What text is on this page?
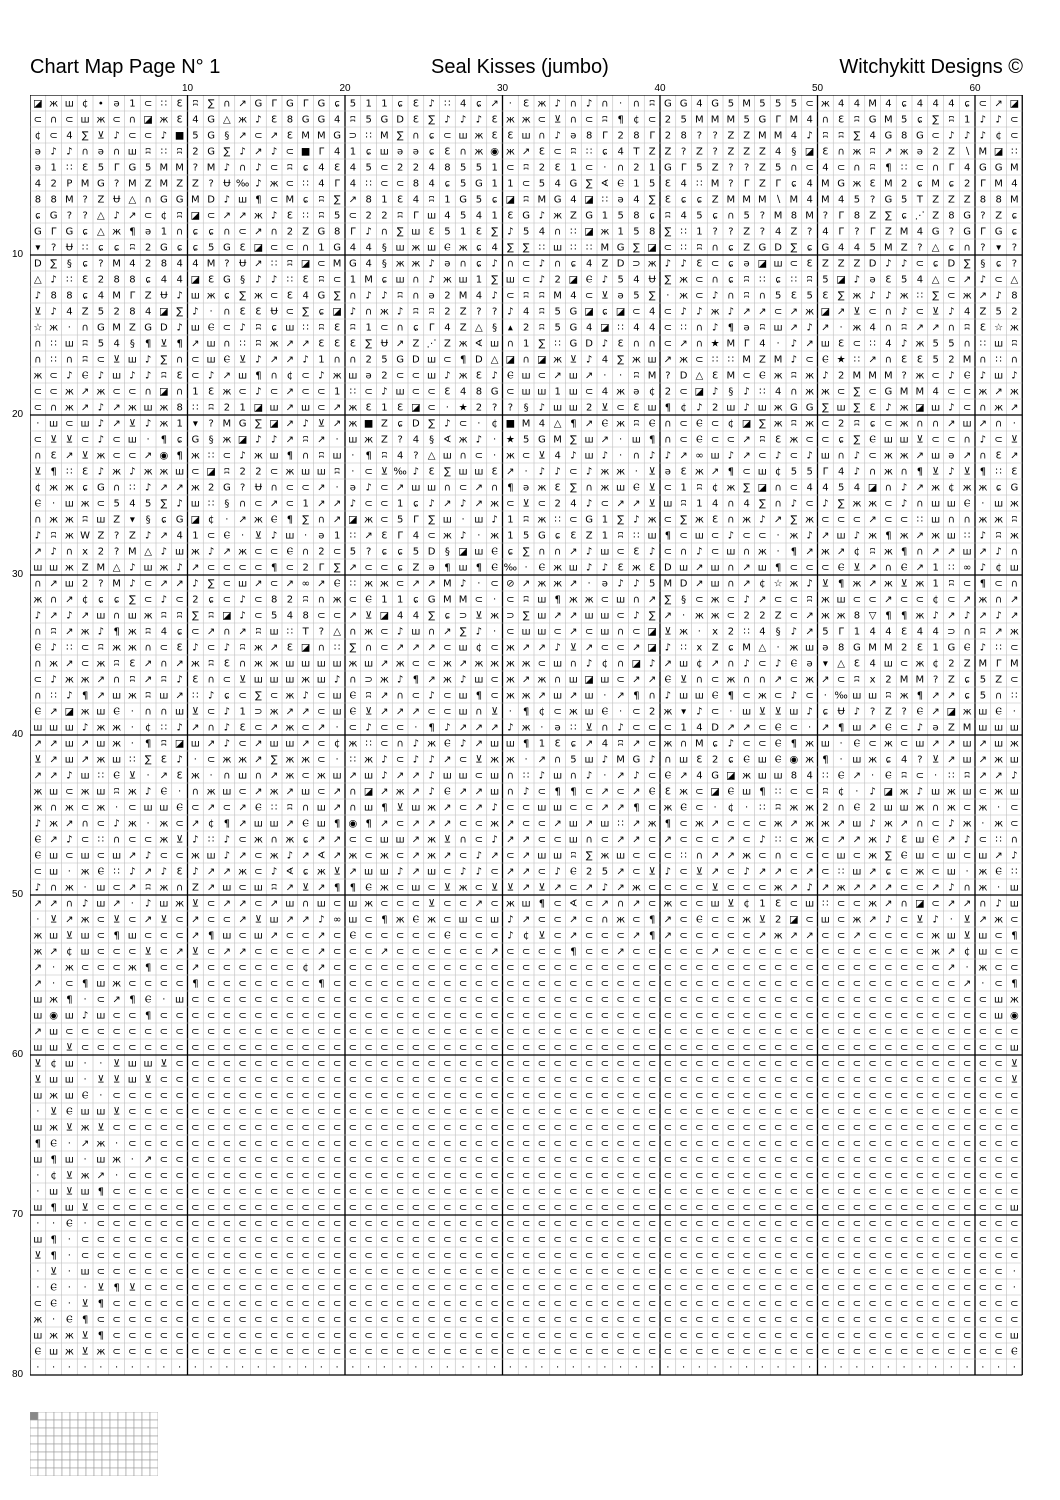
Chart Map Page N° 1	Seal Kisses (jumbo)	Witchykitt Designs ©
10	20	30	40	50	60
10
20
30
40
50
60
70
80
◪ ж ш ¢ • ə 1 ⊂ ∷ Ɛ ʭ ∑ ∩ ↗ G Γ G Γ G ɕ 5 1 1 ɕ Ɛ ♪ ∷ 4 ɕ ↗ · Ɛ ж ♪ ∩ ♪ ∩ · ∩ ʭ G G 4 G 5 M 5 5 5 ⊂ ж 4 4 M 4 ɕ 4 4 4 ɕ ⊂ ↗ ◪
⊂ ∩ ⊂ ш ж ⊂ ∩ ◪ ж Ɛ 4 G △ ж ♪ Ɛ 8 G G 4 ʭ 5 G D Ɛ ∑ ♪ ♪ ♪ Ɛ ж ж ⊂ ⊻ ∩ ⊂ ʭ ¶ ¢ ⊂ 2 5 M M M 5 G Γ M 4 ∩ Ɛ ʭ G M 5 ɕ ∑ ʭ 1 ♪ ♪ ⊂
¢ ⊂ 4 ∑ ⊻ ♪ ⊂ ⊂ ♪ ■ 5 G § ↗ ⊂ ↗ Ɛ M M G ⊃ ∷ M ∑ ∩ ɕ ⊂ ш ж Ɛ Ɛ ш ∩ ♪ ə 8 Γ 2 8 Γ 2 8 ? ? Z Z M M 4 ♪ ʭ ʭ ∑ 4 G 8 G ⊂ ♪ ♪ ♪ ¢ ⊂
ə ♪ ♪ ∩ ə ∩ ш ʭ ∷ ʭ 2 G ∑ ♪ ↗ ♪ ⊂ ■ Γ 4 1 ɕ ш ə ə ɕ Ɛ ∩ ж ◉ ж ↗ Ɛ ⊂ ʭ ∷ ɕ 4 T Z Z ? Z ? Z Z Z 4 § ◪ Ɛ ∩ ж ʭ ↗ ж ə 2 Z ∖ M ◪ ∷
ə 1 ∷ Ɛ 5 Γ G 5 M M ? M ♪ ∩ ♪ ⊂ ʭ ɕ 4 Ɛ 4 5 ⊂ 2 2 4 8 5 5 1 ⊂ ʭ 2 Ɛ 1 ⊂ · ∩ 2 1 G Γ 5 Z ? ? Z 5 ∩ ⊂ 4 ⊂ ∩ ʭ ¶ ∷ ⊂ ∩ Γ 4 G G M
4 2 P M G ? M Z M Z Z ? Ʉ ‰ ♪ ж ⊂ ∷ 4 Γ 4 ∷ ⊂ ⊂ 8 4 ɕ 5 G 1 1 ⊂ 5 4 G ∑ ∢ Ⲉ 1 5 Ɛ 4 ∷ M ? Γ Z Γ ɕ 4 M G ж Ɛ M 2 ɕ M ɕ 2 Γ M 4
8 8 M ? Z Ʉ △ ∩ G G M D ♪ ш ¶ ⊂ M ɕ ʭ ∑ ↗ 8 1 Ɛ 4 ʭ 1 G 5 ɕ ◪ ʭ M G 4 ◪ ∷ ə 4 ∑ Ɛ ɕ ɕ Z M M M ∖ M 4 M 4 5 ? G 5 T Z Z Z 8 8 M
ɕ G ? ? △ ♪ ↗ ⊂ ¢ ʭ ◪ ⊂ ↗ ↗ ж ♪ Ɛ ∷ ʭ 5 ⊂ 2 2 ʭ Γ ш 4 5 4 1 Ɛ G ♪ ж Z G 1 5 8 ɕ ʭ 4 5 ɕ ∩ 5 ? M 8 M ? Γ 8 Z ∑ ɕ ⋰ Z 8 G ? Z ɕ
G Γ G ɕ △ ж ¶ ə 1 ∩ ɕ ɕ ∩ ⊂ ↗ ∩ 2 Z G 8 Γ ♪ ∩ ∑ ш Ɛ 5 1 Ɛ ∑ ♪ 5 4 ∩ ∷ ◪ ж 1 5 8 ∑ ∷ 1 ? ? Z ? 4 Z ? 4 Γ ? Γ Z M 4 G ? G Γ G ɕ
▾ ? Ʉ ∷ ɕ ɕ ʭ 2 G ɕ ɕ 5 G Ɛ ◪ ⊂ ⊂ ∩ 1 G 4 4 § ш ж ш Ⲉ ж ɕ 4 ∑ ∑ ∷ ш ∷ ∷ M G ∑ ◪ ⊂ ∷ ʭ ∩ ɕ Z G D ∑ ɕ G 4 4 5 M Z ? △ ɕ ∩ ? ▾ ?
D ∑ § ɕ ? M 4 2 8 4 4 M ? Ʉ ↗ ∷ ʭ ◪ ⊂ M G 4 § ж ж ♪ ə ∩ ɕ ♪ ∩ ⊂ ♪ ∩ ɕ 4 Z D ⊃ ж ♪ ♪ Ɛ ⊂ ɕ ə ◪ ш ⊂ Ɛ Z Z Z D ♪ ♪ ⊂ ɕ D ∑ § ɕ ?
△ ♪ ∷ Ɛ 2 8 8 ɕ 4 4 ◪ Ɛ G § ♪ ♪ ∷ Ɛ ʭ ⊂ 1 M ɕ ш ∩ ♪ ж ш 1 ∑ ш ⊂ ♪ 2 ◪ Ⲉ ♪ 5 4 Ʉ ∑ ж ⊂ ∩ ɕ ʭ ∷ ɕ ∷ ʭ 5 ◪ ♪ ə Ɛ 5 4 △ ⊂ ↗ ♪ ⊂ △
♪ 8 8 ɕ 4 M Γ Z Ʉ ♪ ш ж ɕ ∑ ж ⊂ Ɛ 4 G ∑ ∩ ♪ ♪ ʭ ∩ ə 2 M 4 ♪ ⊂ ʭ ʭ M 4 ⊂ ⊻ ə 5 ∑ · ж ⊂ ♪ ∩ ʭ ∩ 5 Ɛ 5 Ɛ ∑ ж ♪ ♪ ж ∷ ∑ ⊂ ж ↗ ♪ 8
⊻ ♪ 4 Z 5 2 8 4 ◪ ∑ ♪ · ∩ Ɛ Ɛ Ʉ ⊂ ∑ ɕ ◪ ♪ ∩ ж ♪ ʭ ʭ 2 Z ? ? ♪ 4 ʭ 5 G ◪ ɕ ◪ ⊂ 4 ⊂ ♪ ♪ ж ♪ ↗ ↗ ⊂ ↗ ж ◪ ↗ ⊻ ⊂ ∩ ♪ ⊂ ⊻ ♪ 4 Z 5 2
☆ ж · ∩ G M Z G D ♪ ш Ⲉ ⊂ ♪ ʭ ɕ ш ∷ ʭ Ɛ ʭ 1 ⊂ ∩ ɕ Γ 4 Z △ § ▴ 2 ʭ 5 G 4 ◪ ∷ 4 4 ⊂ ∷ ∩ ♪ ¶ ə ʭ ш ↗ ♪ ↗ · ж 4 ∩ ʭ ↗ ↗ ∩ ʭ Ɛ ☆ ж
∩ ∷ ш ʭ 5 4 § ¶ ⊻ ¶ ↗ ш ∩ ∷ ʭ ж ↗ ↗ Ɛ Ɛ Ɛ ∑ Ʉ ↗ Z ⋰ Z ж ∢ ш ∩ 1 ∑ ∷ G D ♪ Ɛ ∩ ∩ ⊂ ↗ ∩ ★ M Γ 4 · ♪ ↗ ш Ɛ ⊂ ∷ 4 ♪ ж 5 5 ∩ ∷ ш ʭ
∩ ∷ ∩ ʭ ⊂ ⊻ ш ♪ ∑ ∩ ⊂ ш Ⲉ ⊻ ♪ ↗ ↗ ♪ 1 ∩ ∩ 2 5 G D ш ⊂ ¶ D △ ◪ ∩ ◪ ж ⊻ ♪ 4 ∑ ж ш ↗ ж ⊂ ∷ ∷ M Z M ♪ ⊂ Ⲉ ★ ∷ ↗ ∩ Ɛ Ɛ 5 2 M ∩ ∷ ∩
ж ⊂ ♪ Ⲉ ♪ ш ♪ ♪ ʭ Ɛ ⊂ ♪ ↗ ш ¶ ∩ ¢ ⊂ ♪ ж ш ə 2 ⊂ ⊂ ш ♪ ж Ɛ ♪ Ⲉ ш ⊂ ↗ ш ↗ · · ʭ M ? D △ Ɛ M ⊂ Ⲉ ж ʭ ж ♪ 2 M M M ? ж ⊂ ♪ Ⲉ ♪ ш ♪
⊂ ⊂ ж ↗ ж ⊂ ⊂ ∩ ◪ ∩ 1 Ɛ ж ⊂ ♪ ⊂ ↗ ⊂ ⊂ 1 ∷ ⊂ ♪ ш ⊂ ⊂ Ɛ 4 8 G ⊂ ш ш 1 ш ⊂ 4 ж ə ¢ 2 ⊂ ◪ ♪ § ♪ ∷ 4 ∩ ж ж ⊂ ∑ ⊂ G M M 4 ⊂ ⊂ ж ↗ ж
⊂ ∩ ж ↗ ♪ ↗ ж ш ж 8 ∷ ʭ 2 1 ◪ ш ↗ ш ⊂ ↗ ж Ɛ 1 Ɛ ◪ ⊂ · ★ 2 ? ? § ♪ ш ш 2 ⊻ ⊂ Ɛ ш ¶ ¢ ♪ 2 ш ♪ ш ж G G ∑ ш ∑ Ɛ ♪ ж ◪ ш ♪ ⊂ ∩ ж ↗
· ш ⊂ ш ♪ ↗ ⊻ ♪ ж 1 ▾ ? M G ∑ ◪ ↗ ♪ ⊻ ↗ ж ■ Z ɕ D ∑ ♪ ⊂ · ¢ ■ M 4 △ ¶ ↗ Ⲉ ж ʭ Ⲉ ∩ ⊂ Ⲉ ⊂ ¢ ◪ ∑ ж ʭ ж ⊂ 2 ʭ ɕ ⊂ ж ∩ ∩ ↗ ш ↗ ∩ ·
⊂ ⊻ ⊻ ⊂ ♪ ⊂ ш · ¶ ɕ G § ж ◪ ♪ ♪ ↗ ʭ ↗ · ш ж Z ? 4 § ∢ ж ♪ · ★ 5 G M ∑ ш ↗ · ш ¶ ∩ ⊂ Ⲉ ⊂ ⊂ ↗ ʭ Ɛ ж ⊂ ⊂ ɕ ∑ Ⲉ ш ш ⊻ ⊂ ⊂ ∩ ♪ ⊂ ⊻
∩ Ɛ ↗ ⊻ ж ⊂ ⊂ ↗ ◉ ¶ ж ∷ ⊂ ♪ ж ш ¶ ∩ ʭ ш · ¶ ʭ 4 ? △ ш ∩ ⊂ · ж ⊂ ⊻ 4 ♪ ш ♪ · ∩ ♪ ♪ ↗ ∞ ш ♪ ↗ ⊂ ♪ ⊂ ♪ ш ∩ ♪ ⊂ ж ж ↗ ш ə ↗ ∩ Ɛ ↗
⊻ ¶ ∷ Ɛ ♪ ж ♪ ж ж ш ⊂ ◪ ʭ 2 2 ⊂ ж ш ш ʭ · ⊂ ⊻ ‰ ♪ Ɛ ∑ ш ш Ɛ ↗ · ♪ ♪ ⊂ ♪ ж ж · ⊻ ə Ɛ ж ↗ ¶ ⊂ ш ¢ 5 5 Γ 4 ♪ ∩ ж ∩ ¶ ⊻ ♪ ⊻ ¶ ∷ Ɛ
¢ ж ж ɕ G ∩ ∷ ♪ ↗ ↗ ж 2 G ? Ʉ ∩ ⊂ ⊂ ↗ · ə ♪ ⊂ ↗ ш ш ∩ ⊂ ↗ ∩ ¶ ə ж Ɛ ∑ ∩ ж ш Ⲉ ⊻ ⊂ 1 ʭ ¢ ж ∑ ◪ ∩ ⊂ 4 4 5 4 ◪ ∩ ♪ ↗ ж ¢ ж ж ɕ G
Ⲉ · ш ж ⊂ 5 4 5 ∑ ♪ ш ∷ § ∩ ⊂ ↗ ⊂ 1 ↗ ↗ ♪ ⊂ ⊂ 1 ɕ ♪ ↗ ♪ ↗ ж ⊂ ⊻ ⊂ 2 4 ♪ ⊂ ↗ ↗ ⊻ ш ʭ 1 4 ∩ 4 ∑ ∩ ♪ ⊂ ♪ ∑ ж ж ⊂ ♪ ∩ ш ш Ⲉ · ш ж
∩ ж ж ʭ ш Z ▾ § ɕ G ◪ ¢ · ↗ ж Ⲉ ¶ ∑ ∩ ↗ ◪ ж ⊂ 5 Γ ∑ ш · ш ♪ 1 ʭ ж ∷ ⊂ G 1 ∑ ♪ ж ⊂ ∑ ж Ɛ ∩ ж ♪ ↗ ∑ ж ⊂ ⊂ ⊂ ↗ ⊂ ⊂ ∷ ш ∩ ∩ ж ж ʭ
♪ ʭ ж W Z ? Z ♪ ↗ 4 1 ⊂ Ⲉ · ⊻ ♪ ш · ə 1 ∷ ↗ Ɛ Γ 4 ⊂ ж ♪ · ж 1 5 G ɕ Ɛ Z 1 ʭ ∷ ш ¶ ⊂ ш ⊂ ♪ ⊂ ⊂ · ж ♪ ↗ ш ♪ ж ¶ ж ↗ ж ш ∷ ♪ ʭ ж
↗ ♪ ∩ x 2 ? M △ ♪ ш ж ♪ ↗ ж ⊂ ⊂ Ⲉ ∩ 2 ⊂ 5 ? ɕ ɕ 5 D § ◪ ш Ⲉ ɕ ∑ ∩ ∩ ↗ ♪ ш ⊂ Ɛ ♪ ⊂ ∩ ♪ ⊂ ш ∩ ж · ¶ ↗ ж ↗ ¢ ʭ ж ¶ ∩ ↗ ↗ ш ↗ ♪ ∩
ш ш ж Z M △ ♪ ш ж ♪ ↗ ⊂ ⊂ ⊂ ⊂ ¶ ⊂ 2 Γ ∑ ↗ ⊂ ⊂ ɕ Z ə ¶ ш ¶ Ⲉ ‰ · Ⲉ ж ш ♪ ♪ Ɛ ж Ɛ D ш ↗ ш ∩ ↗ ш ¶ ⊂ ⊂ ⊂ Ⲉ ⊻ ↗ ∩ Ⲉ ↗ 1 ∷ ∞ ♪ ¢ ш
∩ ↗ ш 2 ? M ♪ ⊂ ↗ ↗ ♪ ∑ ⊂ ш ↗ ⊂ ↗ ∞ ↗ Ⲉ ∷ ж ж ⊂ ↗ ↗ M ♪ · ⊂ ⊘ ↗ ж ж ↗ · ə ♪ ♪ 5 M D ↗ ш ∩ ↗ ¢ ☆ ж ♪ ⊻ ¶ ж ↗ ж ⊻ ж 1 ʭ ⊂ ¶ ⊂ ∩
ж ∩ ↗ ¢ ɕ ɕ ∑ ⊂ ♪ ⊂ 2 ɕ ⊂ ♪ ⊂ 8 2 ʭ ∩ ж ⊂ Ⲉ 1 1 ɕ G M M ⊂ · ⊂ ʭ ш ¶ ж ж ⊂ ш ∩ ↗ ∑ § ⊂ ж ⊂ ♪ ↗ ⊂ ⊂ ʭ ж ш ⊂ ⊂ ↗ ⊂ ⊂ ¢ ⊂ ↗ ж ∩ ↗
♪ ↗ ♪ ↗ ш ∩ ш ж ʭ ʭ ∑ ʭ ◪ ♪ ⊂ 5 4 8 ⊂ ⊂ ↗ ⊻ ◪ 4 4 ∑ ɕ ⊃ ⊻ ж ⊃ ∑ ш ↗ ↗ ш ш ⊂ ♪ ∑ ↗ · ж ж ⊂ 2 2 Z ⊂ ↗ ж ж 8 ▽ ¶ ¶ ж ♪ ↗ ♪ ↗ ♪ ↗
∩ ʭ ↗ ж ♪ ¶ ж ʭ 4 ɕ ⊂ ↗ ∩ ↗ ʭ ш ∷ T ? △ ∩ ж ⊂ ♪ ш ∩ ↗ ∑ ♪ · ⊂ ш ш ⊂ ↗ ⊂ ш ∩ ⊂ ◪ ⊻ ж · x 2 ∷ 4 § ♪ ↗ 5 Γ 1 4 4 Ɛ 4 4 ⊃ ∩ ʭ ↗ ж
Ⲉ ♪ ∷ ⊂ ʭ ж ж ∩ ⊂ Ɛ ♪ ⊂ ♪ ʭ ж ↗ Ɛ ◪ ∩ ∷ ∑ ∩ ⊂ ↗ ↗ ↗ ⊂ ш ¢ ⊂ ж ↗ ↗ ♪ ⊻ ↗ ⊂ ⊂ ↗ ◪ ♪ ∷ x Z ɕ M △ · ж ш ə 8 G M M 2 Ɛ 1 G Ⲉ ♪ ∷ ⊂
∩ ж ↗ ⊂ ж ʭ Ɛ ↗ ∩ ↗ ж ʭ Ɛ ∩ ж ж ш ш ш ш ж ш ↗ ж ⊂ ⊂ ж ↗ ж ж ж ж ⊂ ш ∩ ♪ ¢ ∩ ◪ ♪ ↗ ш ¢ ↗ ∩ ♪ ⊂ ♪ Ⲉ ə ▾ △ Ɛ 4 ш ⊂ ж ¢ 2 Z M Γ M
⊂ ♪ ж ж ↗ ∩ ʭ ↗ ʭ ♪ Ɛ ∩ ⊂ ⊻ ш ш ш ж ш ♪ ∩ ⊃ ж ♪ ¶ ↗ ж ♪ ш ⊂ ж ↗ ж ∩ ш ◪ ш ⊂ ↗ ↗ Ⲉ ⊻ ∩ ⊂ ж ∩ ∩ ↗ ⊂ ж ↗ ⊂ ʭ x 2 M M ? Z ɕ 5 Z ⊂
∩ ∷ ♪ ¶ ↗ ш ж ʭ ш ↗ ∷ ♪ ɕ ⊂ ∑ ⊂ ж ♪ ⊂ ш Ⲉ ʭ ↗ ∩ ⊂ ♪ ⊂ ш ¶ ⊂ ж ж ↗ ш ↗ ш · ↗ ¶ ∩ ♪ ш ш Ⲉ ¶ ⊂ ж ⊂ ♪ ⊂ · ‰ ш ш ʭ ж ¶ ↗ ↗ ɕ 5 ∩ ∷
Ⲉ ↗ ◪ ж ш Ⲉ · ∩ ∩ ш ⊻ ⊂ ♪ 1 ⊃ ж ↗ ↗ ⊂ ш Ⲉ ⊻ ↗ ↗ ↗ ⊂ ⊂ ш ∩ ⊻ · ¶ ¢ ⊂ ж ш Ⲉ · ⊂ 2 ж ▾ ♪ ⊂ · ш ⊻ ⊻ ш ♪ ɕ Ʉ ♪ ? Z ? Ⲉ ↗ ◪ ж ш Ⲉ ·
ш ш ш ♪ ж ж · ¢ ∷ ♪ ↗ ∩ ♪ Ɛ ⊂ ↗ ж ⊂ ↗ · ⊂ ♪ ⊂ ⊂ · ¶ ♪ ↗ ↗ ↗ ♪ ж · ə ∷ ⊻ ∩ ♪ ⊂ ⊂ ⊂ 1 4 D ↗ ↗ ⊂ Ⲉ ⊂ · ↗ ¶ ш ↗ Ⲉ ⊂ ♪ ə Z M ш ш ш
↗ ↗ ш ↗ ш ж · ¶ ʭ ◪ ш ↗ ♪ ⊂ ↗ ш ш ↗ ⊂ ¢ ж ∷ ⊂ ∩ ♪ ж Ⲉ ♪ ↗ ш ш ¶ 1 Ɛ ɕ ↗ 4 ʭ ↗ ⊂ ж ∩ M ɕ ♪ ⊂ ⊂ Ⲉ ¶ ж ш · Ⲉ ⊂ ж ⊂ ш ↗ ↗ ш ↗ ш ж
⊻ ↗ ш ↗ ж ш ∷ ∑ Ɛ ♪ · ⊂ ж ж ↗ ∑ ж ж ⊂ · ∷ ж ♪ ⊂ ♪ ♪ ↗ ⊂ ⊻ ж ж · ↗ ∩ 5 ш ♪ M G ♪ ∩ ш Ɛ 2 ɕ Ⲉ ш Ⲉ ◉ ж ¶ · ш ж ɕ 4 ? ⊻ ↗ ш ↗ ж ш
↗ ↗ ♪ ш ∷ Ⲉ ⊻ · ↗ Ɛ ж · ∩ ш ∩ ↗ ж ⊂ ж ш ↗ ш ♪ ↗ ↗ ♪ ш ш ⊂ ш ∩ ∷ ♪ ш ∩ ♪ · ↗ ♪ ⊂ Ⲉ ↗ 4 G ◪ ж ш ш 8 4 ∷ Ⲉ ↗ · Ⲉ ʭ ⊂ · ∷ ʭ ↗ ↗ ♪
ж ш ⊂ ж ш ʭ ж ♪ Ⲉ · ∩ ж ш ⊂ ↗ ж ↗ ш ⊂ ↗ ∩ ◪ ↗ ж ↗ ♪ Ⲉ ↗ ↗ ш ∩ ♪ ⊂ ¶ ¶ ⊂ ↗ ⊂ ↗ Ⲉ Ɛ ж ⊂ ◪ Ⲉ ш ¶ ∷ ⊂ ⊂ ʭ ¢ · ♪ ◪ ж ♪ ш ж ш ⊂ ж ш
ж ∩ ж ⊂ ж · ⊂ ш ш Ⲉ ⊂ ↗ ⊂ ↗ Ⲉ ∷ ʭ ∩ ш ↗ ∩ ш ¶ ⊻ ш ж ↗ ⊂ ↗ ♪ ⊂ ⊂ ш ш ⊂ ⊂ ↗ ↗ ¶ ⊂ ж Ⲉ ⊂ · ¢ · ∷ ʭ ж ж 2 ∩ Ⲉ 2 ш ш ж ∩ ж ⊂ ж · ⊂
♪ ж ↗ ∩ ⊂ ♪ ж · ж ⊂ ↗ ¢ ¶ ↗ ш ш ↗ Ⲉ ш ¶ ◉ ¶ ↗ ⊂ ↗ ↗ ↗ ⊂ ⊂ ж ↗ ⊂ ⊂ ↗ ш ↗ ш ∷ ↗ ж ¶ ⊂ ж ↗ ⊂ ⊂ ⊂ ж ↗ ж ж ↗ ш ♪ ж ↗ ∩ ⊂ ♪ ж · ж ⊂
Ⲉ ↗ ♪ ⊂ ∷ ∩ ⊂ ⊂ ж ⊻ ♪ ∷ ♪ ⊂ ж ∩ ж ɕ ↗ ↗ ⊂ ⊂ ш ш ↗ ж ⊻ ∩ ⊂ ♪ ↗ ↗ ⊂ ⊂ ш ∩ ⊂ ↗ ↗ ⊂ ↗ ⊂ ⊂ ⊂ ↗ ⊂ ♪ ∷ ⊂ ж ⊂ ↗ ↗ ж ♪ Ɛ ш Ⲉ ↗ ♪ ⊂ ∷ ∩
Ⲉ ш ⊂ ш ⊂ ш ↗ ♪ ⊂ ⊂ ж ш ♪ ↗ ⊂ ж ♪ ↗ ∢ ↗ ж ⊂ ж ⊂ ↗ ж ↗ ⊂ ♪ ↗ ⊂ ↗ ш ш ʭ ∑ ж ш ⊂ ⊂ ⊂ ∷ ∩ ↗ ↗ ж ⊂ ∩ ⊂ ⊂ ⊂ ш ⊂ ж ∑ Ⲉ ш ⊂ ш ⊂ ш ↗ ♪
⊂ ш · ж Ⲉ ∷ ♪ ↗ ♪ Ɛ ♪ ↗ ↗ ж ⊂ ♪ ∢ ɕ ж ⊻ ↗ ш ш ♪ ↗ ш ⊂ ♪ ♪ ⊂ ↗ ↗ ⊂ ♪ Ⲉ 2 5 ↗ ⊂ ⊻ ♪ ⊂ ⊻ ↗ ⊂ ♪ ↗ ↗ ⊂ ↗ ⊂ ∷ ш ↗ ɕ ⊂ ж ⊂ ш · ж Ⲉ ∷
♪ ∩ ж · ш ⊂ ↗ ʭ ж ∩ Z ↗ ш ⊂ ш ʭ ↗ ⊻ ↗ ¶ ¶ Ⲉ ж ⊂ ш ⊂ ⊻ ж ⊂ ⊻ ⊻ ↗ ⊻ ↗ ⊂ ↗ ♪ ↗ ж ⊂ ⊂ ⊂ ⊂ ⊻ ⊂ ⊂ ⊂ ж ↗ ♪ ↗ ж ↗ ↗ ↗ ⊂ ⊂ ↗ ♪ ∩ ж · ш
↗ ↗ ∩ ♪ ш ↗ · ♪ ш ж ⊻ ⊂ ↗ ↗ ⊂ ↗ ш ∩ ш ⊂ ш ж ⊂ ⊂ ⊂ ⊻ ⊂ ⊂ ↗ ⊂ ж ш ¶ ⊂ ∢ ⊂ ↗ ∩ ↗ ⊂ ж ⊂ ⊂ ш ⊻ ¢ 1 Ɛ ⊂ ш ∷ ⊂ ⊂ ж ↗ ∩ ◪ ⊂ ↗ ↗ ∩ ♪ ш
· ⊻ ↗ ж ⊂ ⊻ ⊂ ↗ ⊻ ⊂ ↗ ⊂ ⊂ ↗ ⊻ ш ↗ ↗ ♪ ∞ ш ⊂ ¶ ж Ⲉ ж ⊂ ш ⊂ ш ♪ ↗ ⊂ ⊂ ↗ ⊂ ∩ ж ⊂ ¶ ↗ ⊂ Ⲉ ⊂ ⊂ ж ⊻ 2 ◪ ⊂ ш ⊂ ж ↗ ♪ ⊂ ⊻ ♪ · ⊻ ↗ ж ⊂
ж ш ⊻ ш ⊂ ¶ ш ⊂ ⊂ ⊂ ↗ ¶ ш ⊂ ш ↗ ⊂ ⊂ ↗ ⊂ Ⲉ ⊂ ⊂ ⊂ ⊂ ⊂ Ⲉ ⊂ ⊂ ⊂ ♪ ¢ ⊻ ⊂ ↗ ⊂ ⊂ ⊂ ↗ ¶ ↗ ⊂ ⊂ ⊂ ⊂ ⊂ ↗ ж ↗ ↗ ⊂ ⊂ ↗ ⊂ ⊂ ⊂ ⊂ ж ш ⊻ ш ⊂ ¶
ж ↗ ¢ ш ⊂ ⊂ ⊂ ⊻ ⊂ ↗ ⊻ ⊂ ↗ ↗ ⊂ ⊂ ⊂ ⊂ ↗ ⊂ ⊂ ⊂ ↗ ⊂ ⊂ ⊂ ⊂ ⊂ ⊂ ↗ ⊂ ⊂ ⊂ ⊂ ¶ ⊂ ⊂ ↗ ⊂ ⊂ ⊂ ⊂ ⊂ ↗ ⊂ ⊂ ⊂ ⊂ ⊂ ⊂ ⊂ ⊂ ⊂ ⊂ ⊂ ⊂ ⊂ ж ↗ ¢ ш ⊂ ⊂
↗ · ж ⊂ ⊂ ⊂ ж ¶ ⊂ ⊂ ↗ ⊂ ⊂ ⊂ ⊂ ⊂ ⊂ ¢ ↗ ⊂ ⊂ ⊂ ⊂ ⊂ ⊂ ⊂ ⊂ ⊂ ⊂ ⊂ ⊂ ⊂ ⊂ ⊂ ⊂ ⊂ ⊂ ⊂ ⊂ ⊂ ⊂ ⊂ ⊂ ⊂ ⊂ ⊂ ⊂ ⊂ ⊂ ⊂ ⊂ ⊂ ⊂ ⊂ ⊂ ⊂ ⊂ ⊂ ↗ · ж ⊂ ⊂
↗ · ⊂ ¶ ш ж ⊂ ⊂ ⊂ ⊂ ¶ ⊂ ⊂ ⊂ ⊂ ⊂ ⊂ ⊂ ¶ ⊂ ⊂ ⊂ ⊂ ⊂ ⊂ ⊂ ⊂ ⊂ ⊂ ⊂ ⊂ ⊂ ⊂ ⊂ ⊂ ⊂ ⊂ ⊂ ⊂ ⊂ ⊂ ⊂ ⊂ ⊂ ⊂ ⊂ ⊂ ⊂ ⊂ ⊂ ⊂ ⊂ ⊂ ⊂ ⊂ ⊂ ⊂ ⊂ ⊂ ↗ · ⊂ ¶
ш ж ¶ · ⊂ ↗ ¶ Ⲉ · ш ⊂ ⊂ ⊂ ⊂ ⊂ ⊂ ⊂ ⊂ ⊂ ⊂ ⊂ ⊂ ⊂ ⊂ ⊂ ⊂ ⊂ ⊂ ⊂ ⊂ ⊂ ⊂ ⊂ ⊂ ⊂ ⊂ ⊂ ⊂ ⊂ ⊂ ⊂ ⊂ ⊂ ⊂ ⊂ ⊂ ⊂ ⊂ ⊂ ⊂ ⊂ ⊂ ⊂ ⊂ ⊂ ⊂ ⊂ ⊂ ⊂ ⊂ ⊂ ш ж
ш ◉ ш ♪ ш ⊂ ⊂ ¶ ⊂ ⊂ ⊂ ⊂ ⊂ ⊂ ⊂ ⊂ ⊂ ⊂ ⊂ ⊂ ⊂ ⊂ ⊂ ⊂ ⊂ ⊂ ⊂ ⊂ ⊂ ⊂ ⊂ ⊂ ⊂ ⊂ ⊂ ⊂ ⊂ ⊂ ⊂ ⊂ ⊂ ⊂ ⊂ ⊂ ⊂ ⊂ ⊂ ⊂ ⊂ ⊂ ⊂ ⊂ ⊂ ⊂ ⊂ ⊂ ⊂ ⊂ ⊂ ⊂ ⊂ ш ◉
↗ ш ⊂ ⊂ ⊂ ⊂ ⊂ ⊂ ⊂ ⊂ ⊂ ⊂ ⊂ ⊂ ⊂ ⊂ ⊂ ⊂ ⊂ ⊂ ⊂ ⊂ ⊂ ⊂ ⊂ ⊂ ⊂ ⊂ ⊂ ⊂ ⊂ ⊂ ⊂ ⊂ ⊂ ⊂ ⊂ ⊂ ⊂ ⊂ ⊂ ⊂ ⊂ ⊂ ⊂ ⊂ ⊂ ⊂ ⊂ ⊂ ⊂ ⊂ ⊂ ⊂ ⊂ ⊂ ⊂ ⊂ ⊂ ⊂ ⊂ ⊂ ⊂
ш ш ⊻ ⊂ ⊂ ⊂ ⊂ ⊂ ⊂ ⊂ ⊂ ⊂ ⊂ ⊂ ⊂ ⊂ ⊂ ⊂ ⊂ ⊂ ⊂ ⊂ ⊂ ⊂ ⊂ ⊂ ⊂ ⊂ ⊂ ⊂ ⊂ ⊂ ⊂ ⊂ ⊂ ⊂ ⊂ ⊂ ⊂ ⊂ ⊂ ⊂ ⊂ ⊂ ⊂ ⊂ ⊂ ⊂ ⊂ ⊂ ⊂ ⊂ ⊂ ⊂ ⊂ ⊂ ⊂ ⊂ ⊂ ⊂ ⊂ ⊂ ш
⊻ ¢ ш · · ⊻ ш ш ⊻ ⊂ ⊂ ⊂ ⊂ ⊂ ⊂ ⊂ ⊂ ⊂ ⊂ ⊂ ⊂ ⊂ ⊂ ⊂ ⊂ ⊂ ⊂ ⊂ ⊂ ⊂ ⊂ ⊂ ⊂ ⊂ ⊂ ⊂ ⊂ ⊂ ⊂ ⊂ ⊂ ⊂ ⊂ ⊂ ⊂ ⊂ ⊂ ⊂ ⊂ ⊂ ⊂ ⊂ ⊂ ⊂ ⊂ ⊂ ⊂ ⊂ ⊂ ⊂ ⊂ ⊂ ⊻
⊻ ш ш · ⊻ ⊻ ш ⊻ ⊂ ⊂ ⊂ ⊂ ⊂ ⊂ ⊂ ⊂ ⊂ ⊂ ⊂ ⊂ ⊂ ⊂ ⊂ ⊂ ⊂ ⊂ ⊂ ⊂ ⊂ ⊂ ⊂ ⊂ ⊂ ⊂ ⊂ ⊂ ⊂ ⊂ ⊂ ⊂ ⊂ ⊂ ⊂ ⊂ ⊂ ⊂ ⊂ ⊂ ⊂ ⊂ ⊂ ⊂ ⊂ ⊂ ⊂ ⊂ ⊂ ⊂ ⊂ ⊂ ⊂ ⊂ ⊻
ш ж ш Ⲉ · ⊂ ⊂ ⊂ ⊂ ⊂ ⊂ ⊂ ⊂ ⊂ ⊂ ⊂ ⊂ ⊂ ⊂ ⊂ ⊂ ⊂ ⊂ ⊂ ⊂ ⊂ ⊂ ⊂ ⊂ ⊂ ⊂ ⊂ ⊂ ⊂ ⊂ ⊂ ⊂ ⊂ ⊂ ⊂ ⊂ ⊂ ⊂ ⊂ ⊂ ⊂ ⊂ ⊂ ⊂ ⊂ ⊂ ⊂ ⊂ ⊂ ⊂ ⊂ ⊂ ⊂ ⊂ ⊂ ⊂ ⊂ ⊂
· ⊻ Ⲉ ш ш ⊻ ⊂ ⊂ ⊂ ⊂ ⊂ ⊂ ⊂ ⊂ ⊂ ⊂ ⊂ ⊂ ⊂ ⊂ ⊂ ⊂ ⊂ ⊂ ⊂ ⊂ ⊂ ⊂ ⊂ ⊂ ⊂ ⊂ ⊂ ⊂ ⊂ ⊂ ⊂ ⊂ ⊂ ⊂ ⊂ ⊂ ⊂ ⊂ ⊂ ⊂ ⊂ ⊂ ⊂ ⊂ ⊂ ⊂ ⊂ ⊂ ⊂ ⊂ ⊂ ⊂ ⊂ ⊂ ⊂ ⊂ ⊂
ш ж ⊻ ж ⊻ ⊂ ⊂ ⊂ ⊂ ⊂ ⊂ ⊂ ⊂ ⊂ ⊂ ⊂ ⊂ ⊂ ⊂ ⊂ ⊂ ⊂ ⊂ ⊂ ⊂ ⊂ ⊂ ⊂ ⊂ ⊂ ⊂ ⊂ ⊂ ⊂ ⊂ ⊂ ⊂ ⊂ ⊂ ⊂ ⊂ ⊂ ⊂ ⊂ ⊂ ⊂ ⊂ ⊂ ⊂ ⊂ ⊂ ⊂ ⊂ ⊂ ⊂ ⊂ ⊂ ⊂ ⊂ ⊂ ⊂ ⊂ ⊂
¶ Ⲉ · ↗ ж · ⊂ ⊂ ⊂ ⊂ ⊂ ⊂ ⊂ ⊂ ⊂ ⊂ ⊂ ⊂ ⊂ ⊂ ⊂ ⊂ ⊂ ⊂ ⊂ ⊂ ⊂ ⊂ ⊂ ⊂ ⊂ ⊂ ⊂ ⊂ ⊂ ⊂ ⊂ ⊂ ⊂ ⊂ ⊂ ⊂ ⊂ ⊂ ⊂ ⊂ ⊂ ⊂ ⊂ ⊂ ⊂ ⊂ ⊂ ⊂ ⊂ ⊂ ⊂ ⊂ ⊂ ⊂ ⊂ ⊂ ⊂
ш ¶ ш · ш ж · ↗ ⊂ ⊂ ⊂ ⊂ ⊂ ⊂ ⊂ ⊂ ⊂ ⊂ ⊂ ⊂ ⊂ ⊂ ⊂ ⊂ ⊂ ⊂ ⊂ ⊂ ⊂ ⊂ ⊂ ⊂ ⊂ ⊂ ⊂ ⊂ ⊂ ⊂ ⊂ ⊂ ⊂ ⊂ ⊂ ⊂ ⊂ ⊂ ⊂ ⊂ ⊂ ⊂ ⊂ ⊂ ⊂ ⊂ ⊂ ⊂ ⊂ ⊂ ⊂ ⊂ ⊂ ⊂ ⊂
· ¢ ⊻ ж ↗ · ⊂ ⊂ ⊂ ⊂ ⊂ ⊂ ⊂ ⊂ ⊂ ⊂ ⊂ ⊂ ⊂ ⊂ ⊂ ⊂ ⊂ ⊂ ⊂ ⊂ ⊂ ⊂ ⊂ ⊂ ⊂ ⊂ ⊂ ⊂ ⊂ ⊂ ⊂ ⊂ ⊂ ⊂ ⊂ ⊂ ⊂ ⊂ ⊂ ⊂ ⊂ ⊂ ⊂ ⊂ ⊂ ⊂ ⊂ ⊂ ⊂ ⊂ ⊂ ⊂ ⊂ ⊂ ⊂ ⊂ ⊂
· ш ⊻ ш ¶ ⊂ ⊂ ⊂ ⊂ ⊂ ⊂ ⊂ ⊂ ⊂ ⊂ ⊂ ⊂ ⊂ ⊂ ⊂ ⊂ ⊂ ⊂ ⊂ ⊂ ⊂ ⊂ ⊂ ⊂ ⊂ ⊂ ⊂ ⊂ ⊂ ⊂ ⊂ ⊂ ⊂ ⊂ ⊂ ⊂ ⊂ ⊂ ⊂ ⊂ ⊂ ⊂ ⊂ ⊂ ⊂ ⊂ ⊂ ⊂ ⊂ ⊂ ⊂ ⊂ ⊂ ⊂ ⊂ ⊂ ⊂ ⊂
ш ¶ ш ⊻ ⊂ ⊂ ⊂ ⊂ ⊂ ⊂ ⊂ ⊂ ⊂ ⊂ ⊂ ⊂ ⊂ ⊂ ⊂ ⊂ ⊂ ⊂ ⊂ ⊂ ⊂ ⊂ ⊂ ⊂ ⊂ ⊂ ⊂ ⊂ ⊂ ⊂ ⊂ ⊂ ⊂ ⊂ ⊂ ⊂ ⊂ ⊂ ⊂ ⊂ ⊂ ⊂ ⊂ ⊂ ⊂ ⊂ ⊂ ⊂ ⊂ ⊂ ⊂ ⊂ ⊂ ⊂ ⊂ ⊂ ⊂ ⊂ ш
· · Ⲉ · ⊂ ⊂ ⊂ ⊂ ⊂ ⊂ ⊂ ⊂ ⊂ ⊂ ⊂ ⊂ ⊂ ⊂ ⊂ ⊂ ⊂ ⊂ ⊂ ⊂ ⊂ ⊂ ⊂ ⊂ ⊂ ⊂ ⊂ ⊂ ⊂ ⊂ ⊂ ⊂ ⊂ ⊂ ⊂ ⊂ ⊂ ⊂ ⊂ ⊂ ⊂ ⊂ ⊂ ⊂ ⊂ ⊂ ⊂ ⊂ ⊂ ⊂ ⊂ ⊂ ⊂ ⊂ ⊂ ⊂ ⊂ ⊂ ⊂
ш ¶ · ⊂ ⊂ ⊂ ⊂ ⊂ ⊂ ⊂ ⊂ ⊂ ⊂ ⊂ ⊂ ⊂ ⊂ ⊂ ⊂ ⊂ ⊂ ⊂ ⊂ ⊂ ⊂ ⊂ ⊂ ⊂ ⊂ ⊂ ⊂ ⊂ ⊂ ⊂ ⊂ ⊂ ⊂ ⊂ ⊂ ⊂ ⊂ ⊂ ⊂ ⊂ ⊂ ⊂ ⊂ ⊂ ⊂ ⊂ ⊂ ⊂ ⊂ ⊂ ⊂ ⊂ ⊂ ⊂ ⊂ ⊂ ⊂ ⊂ ⊂
⊻ ¶ · ⊂ ⊂ ⊂ ⊂ ⊂ ⊂ ⊂ ⊂ ⊂ ⊂ ⊂ ⊂ ⊂ ⊂ ⊂ ⊂ ⊂ ⊂ ⊂ ⊂ ⊂ ⊂ ⊂ ⊂ ⊂ ⊂ ⊂ ⊂ ⊂ ⊂ ⊂ ⊂ ⊂ ⊂ ⊂ ⊂ ⊂ ⊂ ⊂ ⊂ ⊂ ⊂ ⊂ ⊂ ⊂ ⊂ ⊂ ⊂ ⊂ ⊂ ⊂ ⊂ ⊂ ⊂ ⊂ ⊂ ⊂ ⊂ ⊂ ⊂
· ⊻ · ш ⊂ ⊂ ⊂ ⊂ ⊂ ⊂ ⊂ ⊂ ⊂ ⊂ ⊂ ⊂ ⊂ ⊂ ⊂ ⊂ ⊂ ⊂ ⊂ ⊂ ⊂ ⊂ ⊂ ⊂ ⊂ ⊂ ⊂ ⊂ ⊂ ⊂ ⊂ ⊂ ⊂ ⊂ ⊂ ⊂ ⊂ ⊂ ⊂ ⊂ ⊂ ⊂ ⊂ ⊂ ⊂ ⊂ ⊂ ⊂ ⊂ ⊂ ⊂ ⊂ ⊂ ⊂ ⊂ ⊂ ⊂ ⊂ ·
· Ⲉ · · ⊻ ¶ ⊻ ⊂ ⊂ ⊂ ⊂ ⊂ ⊂ ⊂ ⊂ ⊂ ⊂ ⊂ ⊂ ⊂ ⊂ ⊂ ⊂ ⊂ ⊂ ⊂ ⊂ ⊂ ⊂ ⊂ ⊂ ⊂ ⊂ ⊂ ⊂ ⊂ ⊂ ⊂ ⊂ ⊂ ⊂ ⊂ ⊂ ⊂ ⊂ ⊂ ⊂ ⊂ ⊂ ⊂ ⊂ ⊂ ⊂ ⊂ ⊂ ⊂ ⊂ ⊂ ⊂ ⊂ ⊂ ⊂ ·
⊂ Ⲉ · ⊻ ¶ ⊂ ⊂ ⊂ ⊂ ⊂ ⊂ ⊂ ⊂ ⊂ ⊂ ⊂ ⊂ ⊂ ⊂ ⊂ ⊂ ⊂ ⊂ ⊂ ⊂ ⊂ ⊂ ⊂ ⊂ ⊂ ⊂ ⊂ ⊂ ⊂ ⊂ ⊂ ⊂ ⊂ ⊂ ⊂ ⊂ ⊂ ⊂ ⊂ ⊂ ⊂ ⊂ ⊂ ⊂ ⊂ ⊂ ⊂ ⊂ ⊂ ⊂ ⊂ ⊂ ⊂ ⊂ ⊂ ⊂ ⊂ ⊂
ж · Ⲉ ¶ ⊂ ⊂ ⊂ ⊂ ⊂ ⊂ ⊂ ⊂ ⊂ ⊂ ⊂ ⊂ ⊂ ⊂ ⊂ ⊂ ⊂ ⊂ ⊂ ⊂ ⊂ ⊂ ⊂ ⊂ ⊂ ⊂ ⊂ ⊂ ⊂ ⊂ ⊂ ⊂ ⊂ ⊂ ⊂ ⊂ ⊂ ⊂ ⊂ ⊂ ⊂ ⊂ ⊂ ⊂ ⊂ ⊂ ⊂ ⊂ ⊂ ⊂ ⊂ ⊂ ⊂ ⊂ ⊂ ⊂ ⊂ ⊂ ⊂
ш ж ж ⊻ ¶ ⊂ ⊂ ⊂ ⊂ ⊂ ⊂ ⊂ ⊂ ⊂ ⊂ ⊂ ⊂ ⊂ ⊂ ⊂ ⊂ ⊂ ⊂ ⊂ ⊂ ⊂ ⊂ ⊂ ⊂ ⊂ ⊂ ⊂ ⊂ ⊂ ⊂ ⊂ ⊂ ⊂ ⊂ ⊂ ⊂ ⊂ ⊂ ⊂ ⊂ ⊂ ⊂ ⊂ ⊂ ⊂ ⊂ ⊂ ⊂ ⊂ ⊂ ⊂ ⊂ ⊂ ⊂ ⊂ ⊂ ⊂ ш
Ⲉ ш ж ⊻ ж ⊂ ⊂ ⊂ ⊂ ⊂ ⊂ ⊂ ⊂ ⊂ ⊂ ⊂ ⊂ ⊂ ⊂ ⊂ ⊂ ⊂ ⊂ ⊂ ⊂ ⊂ ⊂ ⊂ ⊂ ⊂ ⊂ ⊂ ⊂ ⊂ ⊂ ⊂ ⊂ ⊂ ⊂ ⊂ ⊂ ⊂ ⊂ ⊂ ⊂ ⊂ ⊂ ⊂ ⊂ ⊂ ⊂ ⊂ ⊂ ⊂ ⊂ ⊂ ⊂ ⊂ ⊂ ⊂ ⊂ ⊂ Ⲉ
· · · · · · · · · · · · · · · · · · · · · · · · · · · · · · · · · · · · · · · · · · · · · · · · · · · · · · · · · · · · · · ·
